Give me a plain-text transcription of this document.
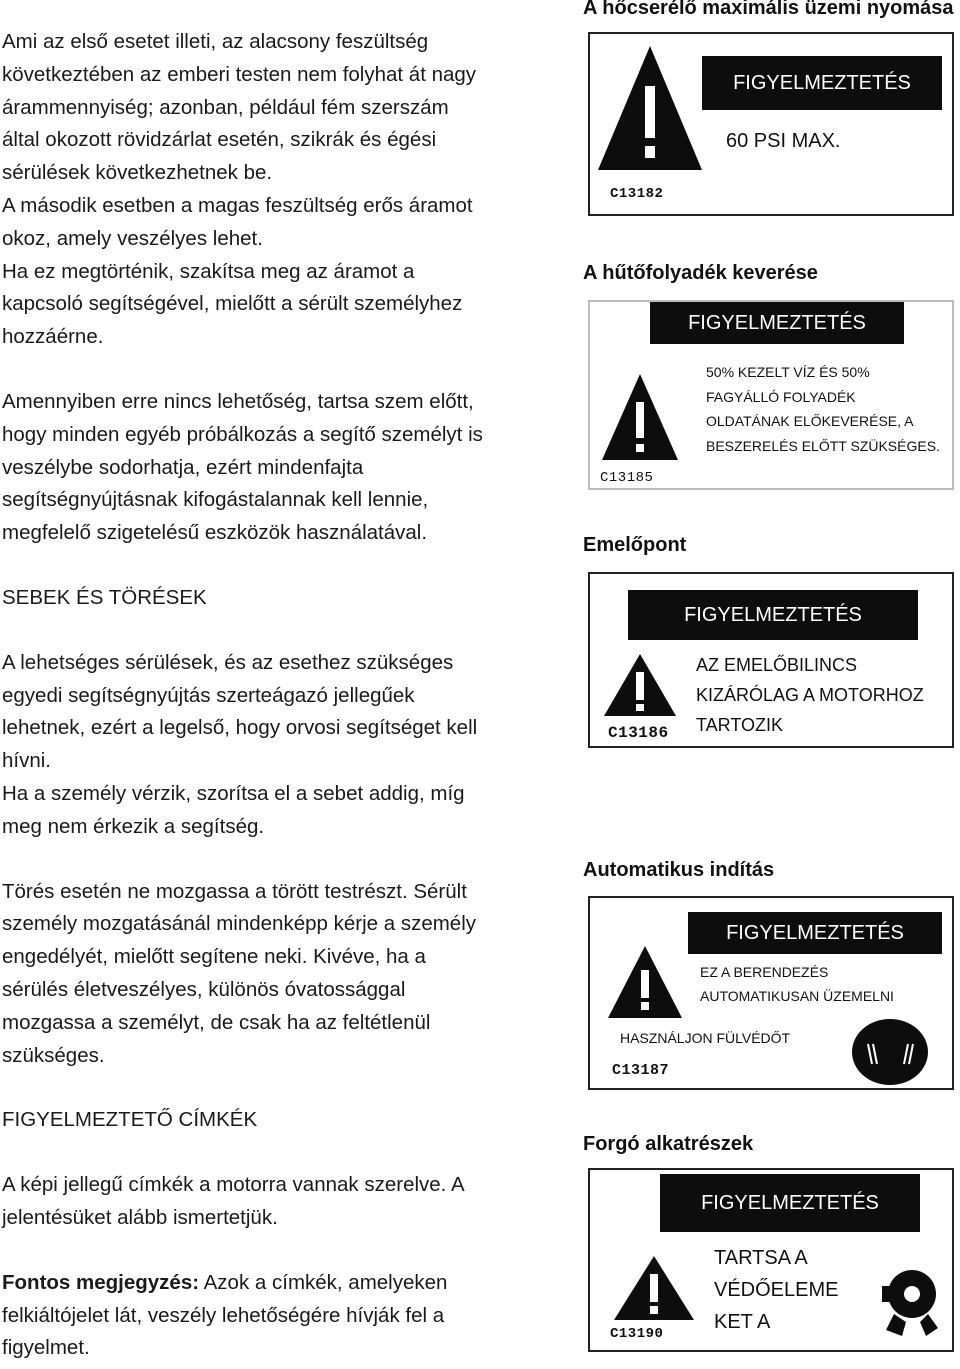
Ami az első esetet illeti, az alacsony feszültség

következtében az emberi testen nem folyhat át nagy

árammennyiség; azonban, például fém szerszám

által okozott rövidzárlat esetén, szikrák és égési

sérülések következhetnek be.

A második esetben a magas feszültség erős áramot

okoz, amely veszélyes lehet.

Ha ez megtörténik, szakítsa meg az áramot a

kapcsoló segítségével, mielőtt a sérült személyhez

hozzáérne.

Amennyiben erre nincs lehetőség, tartsa szem előtt,

hogy minden egyéb próbálkozás a segítő személyt is

veszélybe sodorhatja, ezért mindenfajta

segítségnyújtásnak kifogástalannak kell lennie,

megfelelő szigetelésű eszközök használatával.

SEBEK ÉS TÖRÉSEK

A lehetséges sérülések, és az esethez szükséges

egyedi segítségnyújtás szerteágazó jellegűek

lehetnek, ezért a legelső, hogy orvosi segítséget kell

hívni.

Ha a személy vérzik, szorítsa el a sebet addig, míg

meg nem érkezik a segítség.

Törés esetén ne mozgassa a törött testrészt. Sérült

személy mozgatásánál mindenképp kérje a személy

engedélyét, mielőtt segítene neki. Kivéve, ha a

sérülés életveszélyes, különös óvatossággal

mozgassa a személyt, de csak ha az feltétlenül

szükséges.

FIGYELMEZTETŐ CÍMKÉK

A képi jellegű címkék a motorra vannak szerelve. A

jelentésüket alább ismertetjük.

Fontos megjegyzés: Azok a címkék, amelyeken

felkiáltójelet lát, veszély lehetőségére hívják fel a

figyelmet.

A hőcserélő maximális üzemi nyomása
FIGYELMEZTETÉS
60 PSI MAX.
C13182
A hűtőfolyadék keverése
FIGYELMEZTETÉS
50% KEZELT VÍZ ÉS 50%
FAGYÁLLÓ FOLYADÉK
OLDATÁNAK ELŐKEVERÉSE, A
BESZERELÉS ELŐTT SZÜKSÉGES.
C13185
Emelőpont
FIGYELMEZTETÉS
AZ EMELŐBILINCS
KIZÁRÓLAG A MOTORHOZ
TARTOZIK
C13186
Automatikus indítás
FIGYELMEZTETÉS
EZ A BERENDEZÉS
AUTOMATIKUSAN ÜZEMELNI
HASZNÁLJON FÜLVÉDŐT
C13187
Forgó alkatrészek
FIGYELMEZTETÉS
TARTSA A
VÉDŐELEME
KET A
C13190
